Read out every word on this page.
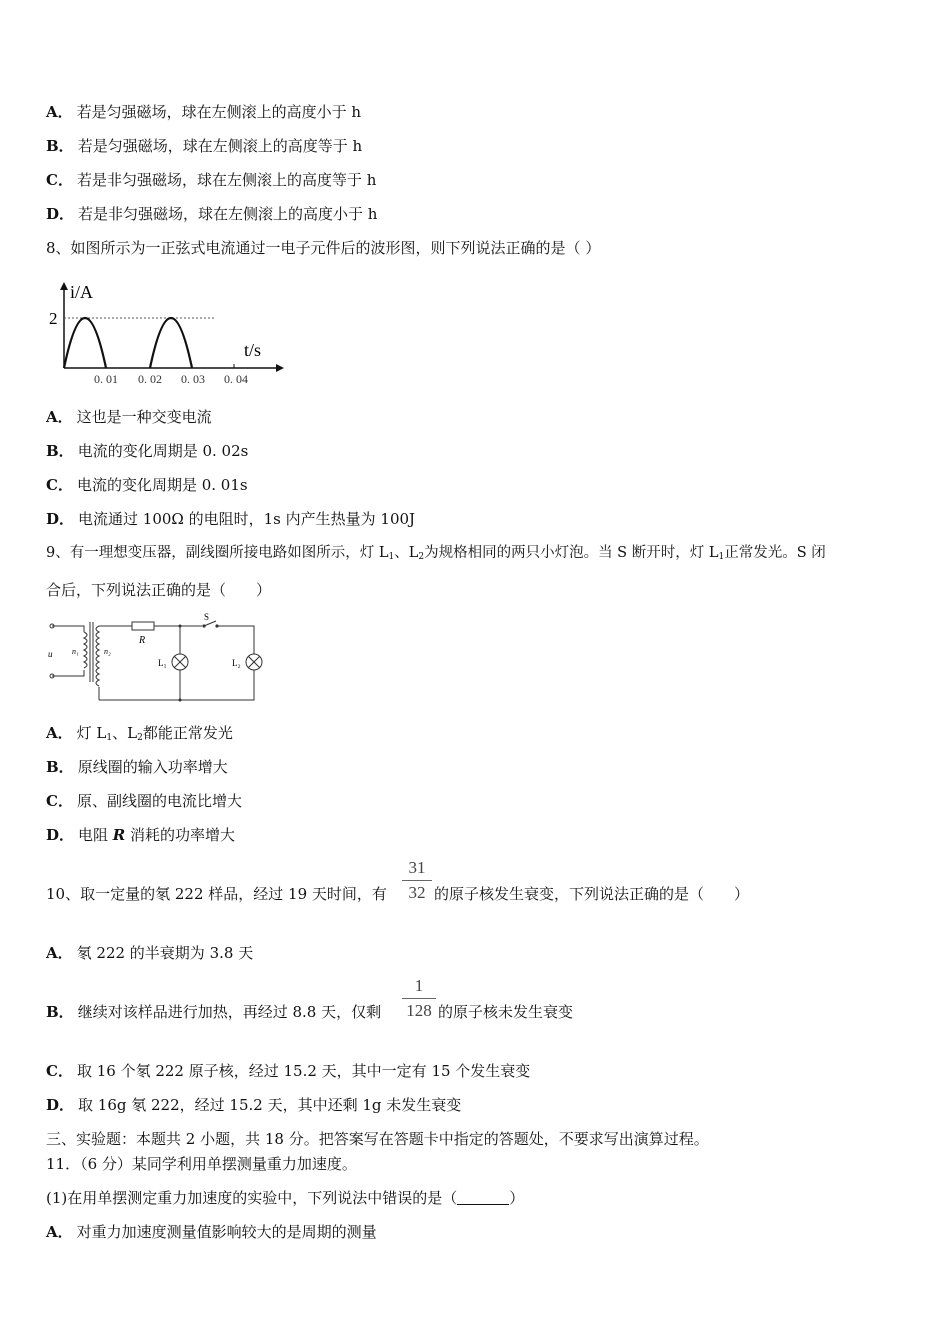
A． 若是匀强磁场，球在左侧滚上的高度小于 h
B． 若是匀强磁场，球在左侧滚上的高度等于 h
C． 若是非匀强磁场，球在左侧滚上的高度等于 h
D． 若是非匀强磁场，球在左侧滚上的高度小于 h
8、如图所示为一正弦式电流通过一电子元件后的波形图，则下列说法正确的是（ ）
i/A
2
t/s
0. 01 0. 02 0. 03 0. 04
A． 这也是一种交变电流
B． 电流的变化周期是 0. 02s
C． 电流的变化周期是 0. 01s
D． 电流通过 100Ω 的电阻时，1s 内产生热量为 100J
9、有一理想变压器，副线圈所接电路如图所示，灯 $L_1$、$L_2$为规格相同的两只小灯泡。当 S 断开时，灯 $L_1$正常发光。S 闭
合后，下列说法正确的是（　　）
u n₁	n₂
R
S
L₁	L₂
A． 灯 $L_1$、$L_2$都能正常发光
B． 原线圈的输入功率增大
C． 原、副线圈的电流比增大
D． 电阻 R 消耗的功率增大
10、取一定量的氡 222 样品，经过 19 天时间，有
31
32 的原子核发生衰变，下列说法正确的是（　　）
A． 氡 222 的半衰期为 3.8 天
B． 继续对该样品进行加热，再经过 8.8 天，仅剩
1
128 的原子核未发生衰变
C． 取 16 个氡 222 原子核，经过 15.2 天，其中一定有 15 个发生衰变
D． 取 16g 氡 222，经过 15.2 天，其中还剩 1g 未发生衰变
三、实验题：本题共 2 小题，共 18 分。把答案写在答题卡中指定的答题处，不要求写出演算过程。
11．（6 分）某同学利用单摆测量重力加速度。
(1)在用单摆测定重力加速度的实验中，下列说法中错误的是（	）
A． 对重力加速度测量值影响较大的是周期的测量
